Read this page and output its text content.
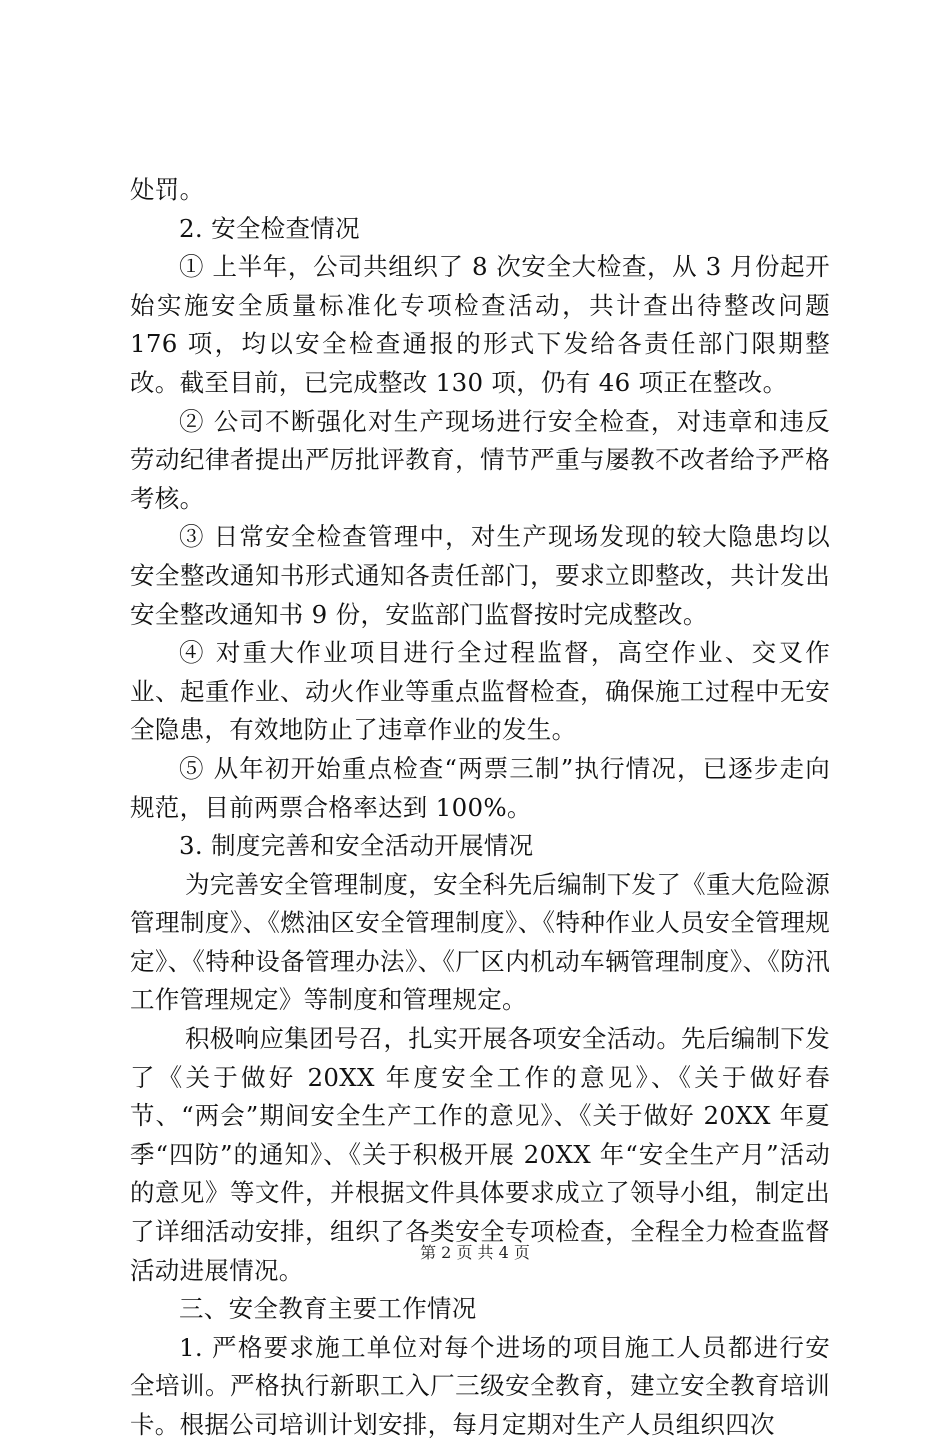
处罚。

2. 安全检查情况

① 上半年，公司共组织了 8 次安全大检查，从 3 月份起开始实施安全质量标准化专项检查活动，共计查出待整改问题 176 项，均以安全检查通报的形式下发给各责任部门限期整改。截至目前，已完成整改 130 项，仍有 46 项正在整改。

② 公司不断强化对生产现场进行安全检查，对违章和违反劳动纪律者提出严厉批评教育，情节严重与屡教不改者给予严格考核。

③ 日常安全检查管理中，对生产现场发现的较大隐患均以安全整改通知书形式通知各责任部门，要求立即整改，共计发出安全整改通知书 9 份，安监部门监督按时完成整改。

④ 对重大作业项目进行全过程监督，高空作业、交叉作业、起重作业、动火作业等重点监督检查，确保施工过程中无安全隐患，有效地防止了违章作业的发生。

⑤ 从年初开始重点检查“两票三制”执行情况，已逐步走向规范，目前两票合格率达到 100%。

3. 制度完善和安全活动开展情况

为完善安全管理制度，安全科先后编制下发了《重大危险源管理制度》、《燃油区安全管理制度》、《特种作业人员安全管理规定》、《特种设备管理办法》、《厂区内机动车辆管理制度》、《防汛工作管理规定》等制度和管理规定。

积极响应集团号召，扎实开展各项安全活动。先后编制下发了《关于做好 20XX 年度安全工作的意见》、《关于做好春节、“两会”期间安全生产工作的意见》、《关于做好 20XX 年夏季“四防”的通知》、《关于积极开展 20XX 年“安全生产月”活动的意见》等文件，并根据文件具体要求成立了领导小组，制定出了详细活动安排，组织了各类安全专项检查，全程全力检查监督活动进展情况。

三、安全教育主要工作情况

1. 严格要求施工单位对每个进场的项目施工人员都进行安全培训。严格执行新职工入厂三级安全教育，建立安全教育培训卡。根据公司培训计划安排，每月定期对生产人员组织四次

第 2 页 共 4 页
